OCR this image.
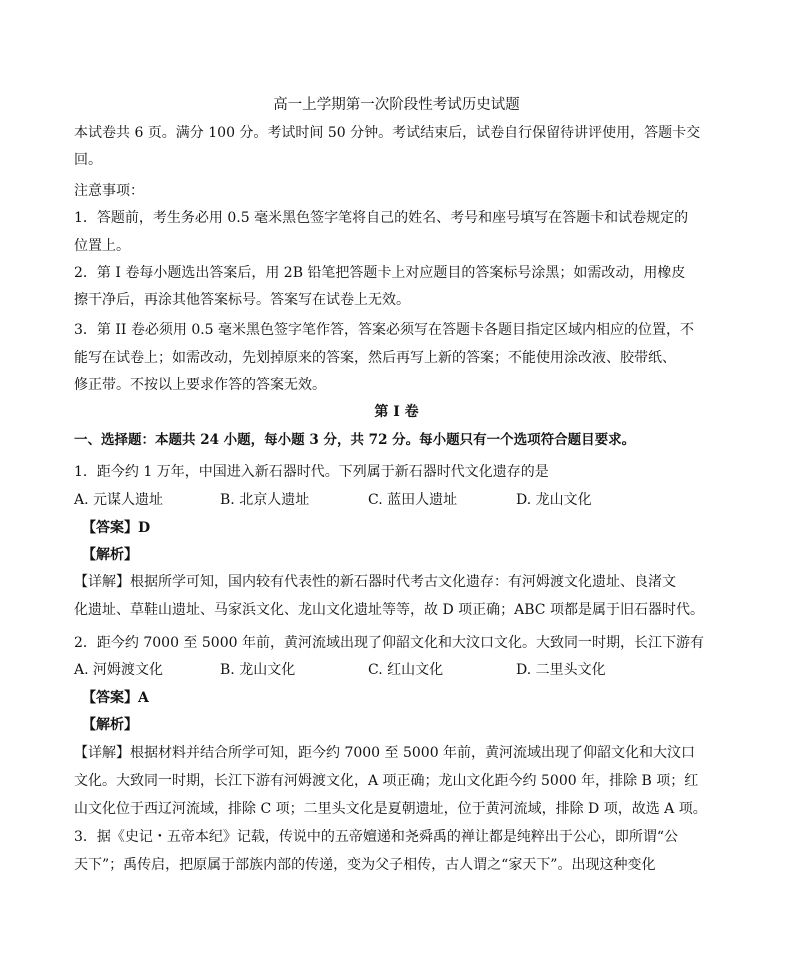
高一上学期第一次阶段性考试历史试题
本试卷共 6 页。满分 100 分。考试时间 50 分钟。考试结束后，试卷自行保留待讲评使用，答题卡交
回。
注意事项：
1．答题前，考生务必用 0.5 毫米黑色签字笔将自己的姓名、考号和座号填写在答题卡和试卷规定的
位置上。
2．第 I 卷每小题选出答案后，用 2B 铅笔把答题卡上对应题目的答案标号涂黑；如需改动，用橡皮
擦干净后，再涂其他答案标号。答案写在试卷上无效。
3．第 II 卷必须用 0.5 毫米黑色签字笔作答，答案必须写在答题卡各题目指定区域内相应的位置，不
能写在试卷上；如需改动，先划掉原来的答案，然后再写上新的答案；不能使用涂改液、胶带纸、
修正带。不按以上要求作答的答案无效。
第 I 卷
一、选择题：本题共 24 小题，每小题 3 分，共 72 分。每小题只有一个选项符合题目要求。
1．距今约 1 万年，中国进入新石器时代。下列属于新石器时代文化遗存的是
A. 元谋人遗址	B. 北京人遗址	C. 蓝田人遗址	D. 龙山文化
【答案】D
【解析】
【详解】根据所学可知，国内较有代表性的新石器时代考古文化遗存：有河姆渡文化遗址、良渚文
化遗址、草鞋山遗址、马家浜文化、龙山文化遗址等等，故 D 项正确；ABC 项都是属于旧石器时代。
2．距今约 7000 至 5000 年前，黄河流域出现了仰韶文化和大汶口文化。大致同一时期，长江下游有
A. 河姆渡文化	B. 龙山文化	C. 红山文化	D. 二里头文化
【答案】A
【解析】
【详解】根据材料并结合所学可知，距今约 7000 至 5000 年前，黄河流域出现了仰韶文化和大汶口
文化。大致同一时期，长江下游有河姆渡文化，A 项正确；龙山文化距今约 5000 年，排除 B 项；红
山文化位于西辽河流域，排除 C 项；二里头文化是夏朝遗址，位于黄河流域，排除 D 项，故选 A 项。
3．据《史记・五帝本纪》记载，传说中的五帝嬗递和尧舜禹的禅让都是纯粹出于公心，即所谓“公
天下”；禹传启，把原属于部族内部的传递，变为父子相传，古人谓之“家天下”。出现这种变化
